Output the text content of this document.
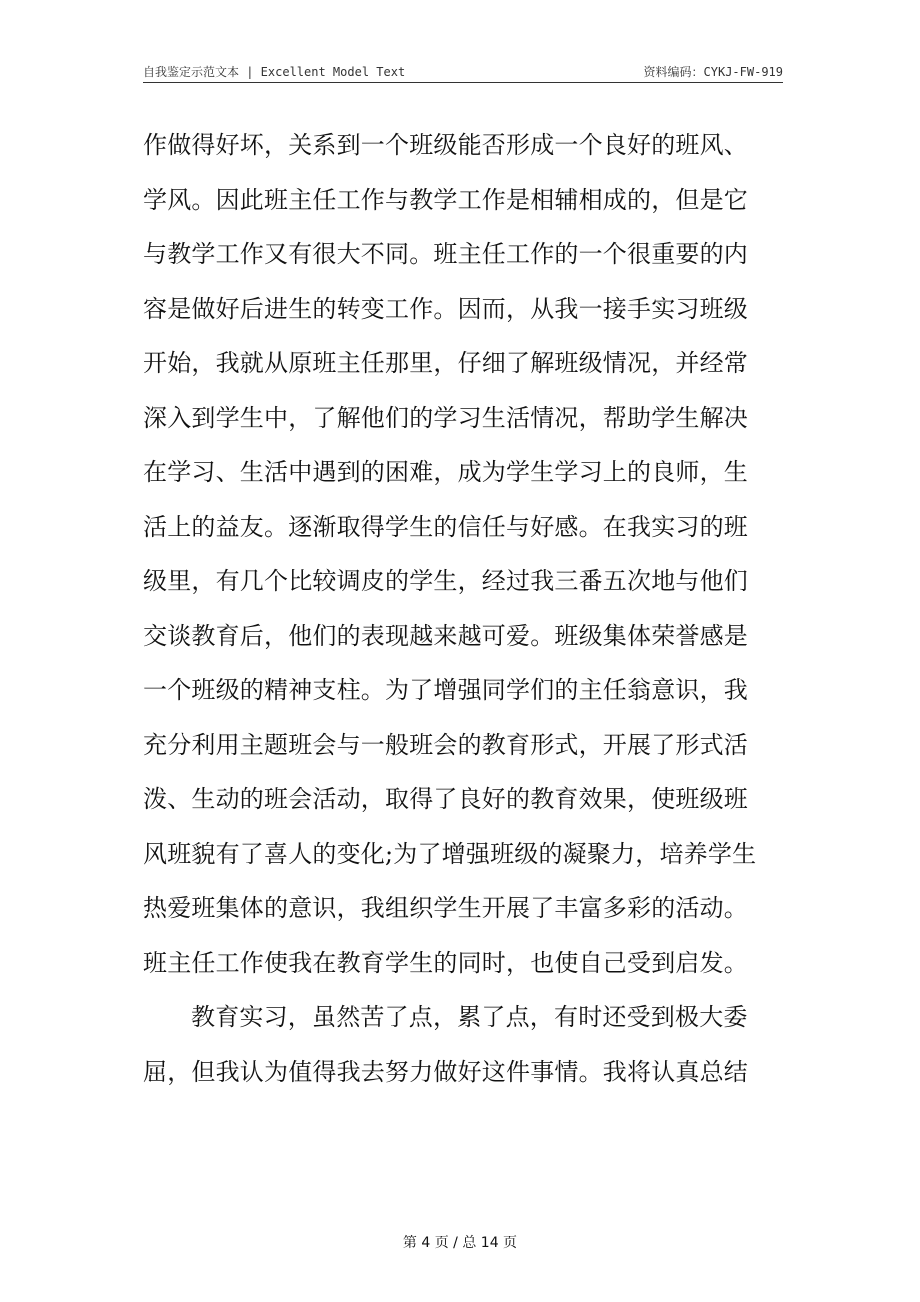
自我鉴定示范文本 | Excellent Model Text	资料编码：CYKJ-FW-919
作做得好坏，关系到一个班级能否形成一个良好的班风、
学风。因此班主任工作与教学工作是相辅相成的，但是它
与教学工作又有很大不同。班主任工作的一个很重要的内
容是做好后进生的转变工作。因而，从我一接手实习班级
开始，我就从原班主任那里，仔细了解班级情况，并经常
深入到学生中，了解他们的学习生活情况，帮助学生解决
在学习、生活中遇到的困难，成为学生学习上的良师，生
活上的益友。逐渐取得学生的信任与好感。在我实习的班
级里，有几个比较调皮的学生，经过我三番五次地与他们
交谈教育后，他们的表现越来越可爱。班级集体荣誉感是
一个班级的精神支柱。为了增强同学们的主任翁意识，我
充分利用主题班会与一般班会的教育形式，开展了形式活
泼、生动的班会活动，取得了良好的教育效果，使班级班
风班貌有了喜人的变化;为了增强班级的凝聚力，培养学生
热爱班集体的意识，我组织学生开展了丰富多彩的活动。
班主任工作使我在教育学生的同时，也使自己受到启发。
教育实习，虽然苦了点，累了点，有时还受到极大委
屈，但我认为值得我去努力做好这件事情。我将认真总结
第 4 页 / 总 14 页
